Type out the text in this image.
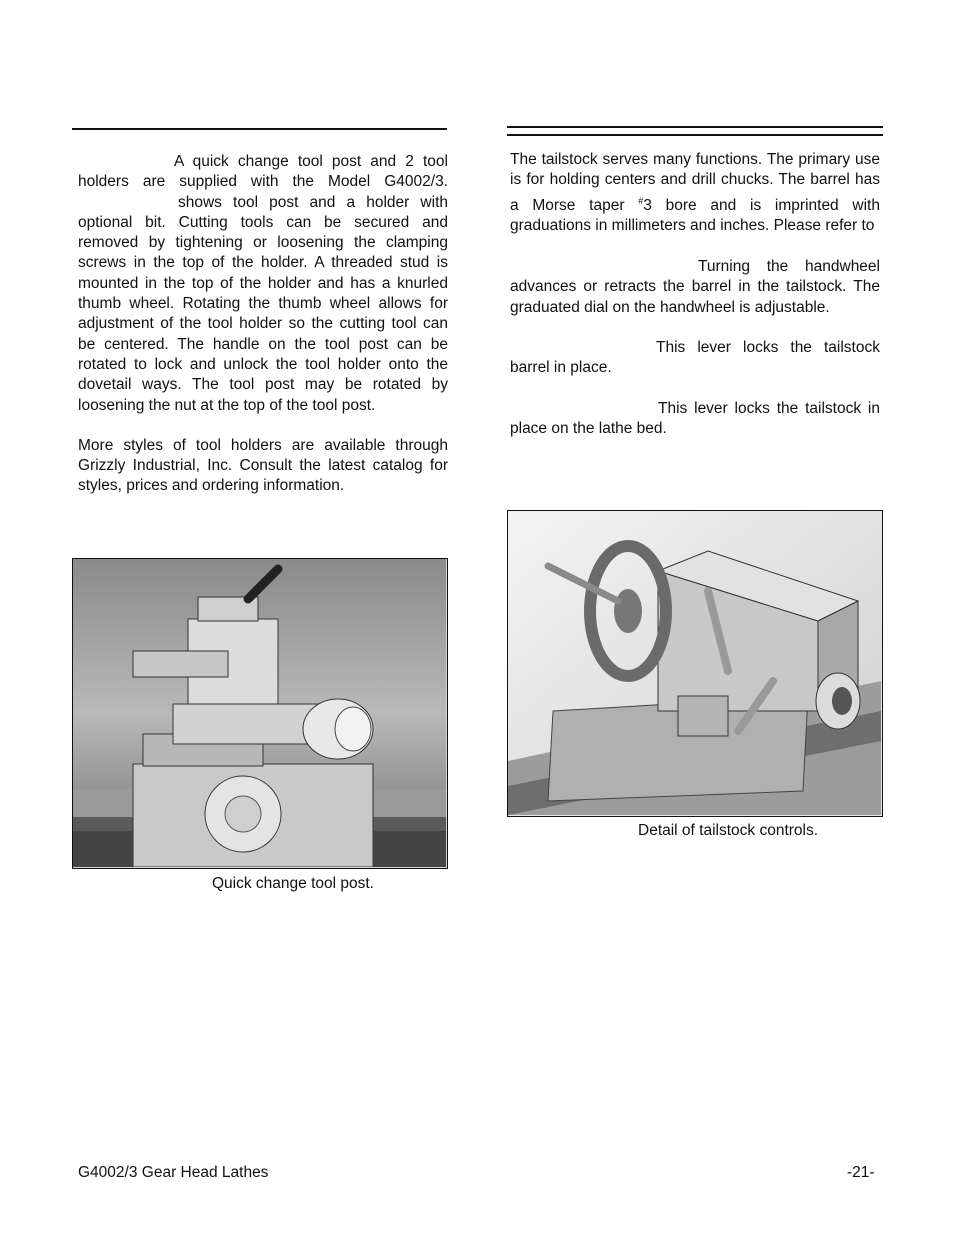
A quick change tool post and 2 tool holders are supplied with the Model G4002/3. shows tool post and a holder with optional bit. Cutting tools can be secured and removed by tightening or loosening the clamping screws in the top of the holder. A threaded stud is mounted in the top of the holder and has a knurled thumb wheel. Rotating the thumb wheel allows for adjustment of the tool holder so the cutting tool can be centered. The handle on the tool post can be rotated to lock and unlock the tool holder onto the dovetail ways. The tool post may be rotated by loosening the nut at the top of the tool post.

More styles of tool holders are available through Grizzly Industrial, Inc. Consult the latest catalog for styles, prices and ordering information.

Quick change tool post.

The tailstock serves many functions. The primary use is for holding centers and drill chucks. The barrel has a Morse taper #3 bore and is imprinted with graduations in millimeters and inches. Please refer to

Turning the handwheel advances or retracts the barrel in the tailstock. The graduated dial on the handwheel is adjustable.

This lever locks the tailstock barrel in place.

This lever locks the tailstock in place on the lathe bed.

Detail of tailstock controls.
G4002/3 Gear Head Lathes	-21-
